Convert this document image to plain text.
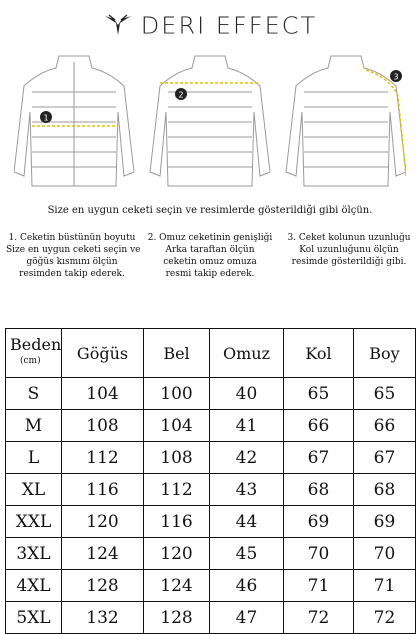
DERI EFFECT
1
2
3
Size en uygun ceketi seçin ve resimlerde gösterildiği gibi ölçün.
1. Ceketin büstünün boyutu
Size en uygun ceketi seçin ve
göğüs kısmını ölçün
resimden takip ederek.
2. Omuz ceketinin genişliği
Arka taraftan ölçün
ceketin omuz omuza
resmi takip ederek.
3. Ceket kolunun uzunluğu
Kol uzunluğunu ölçün
resimde gösterildiği gibi.
Beden
(cm)	Göğüs	Bel	Omuz	Kol	Boy
S	104	100	40	65	65
M	108	104	41	66	66
L	112	108	42	67	67
XL	116	112	43	68	68
XXL	120	116	44	69	69
3XL	124	120	45	70	70
4XL	128	124	46	71	71
5XL	132	128	47	72	72
